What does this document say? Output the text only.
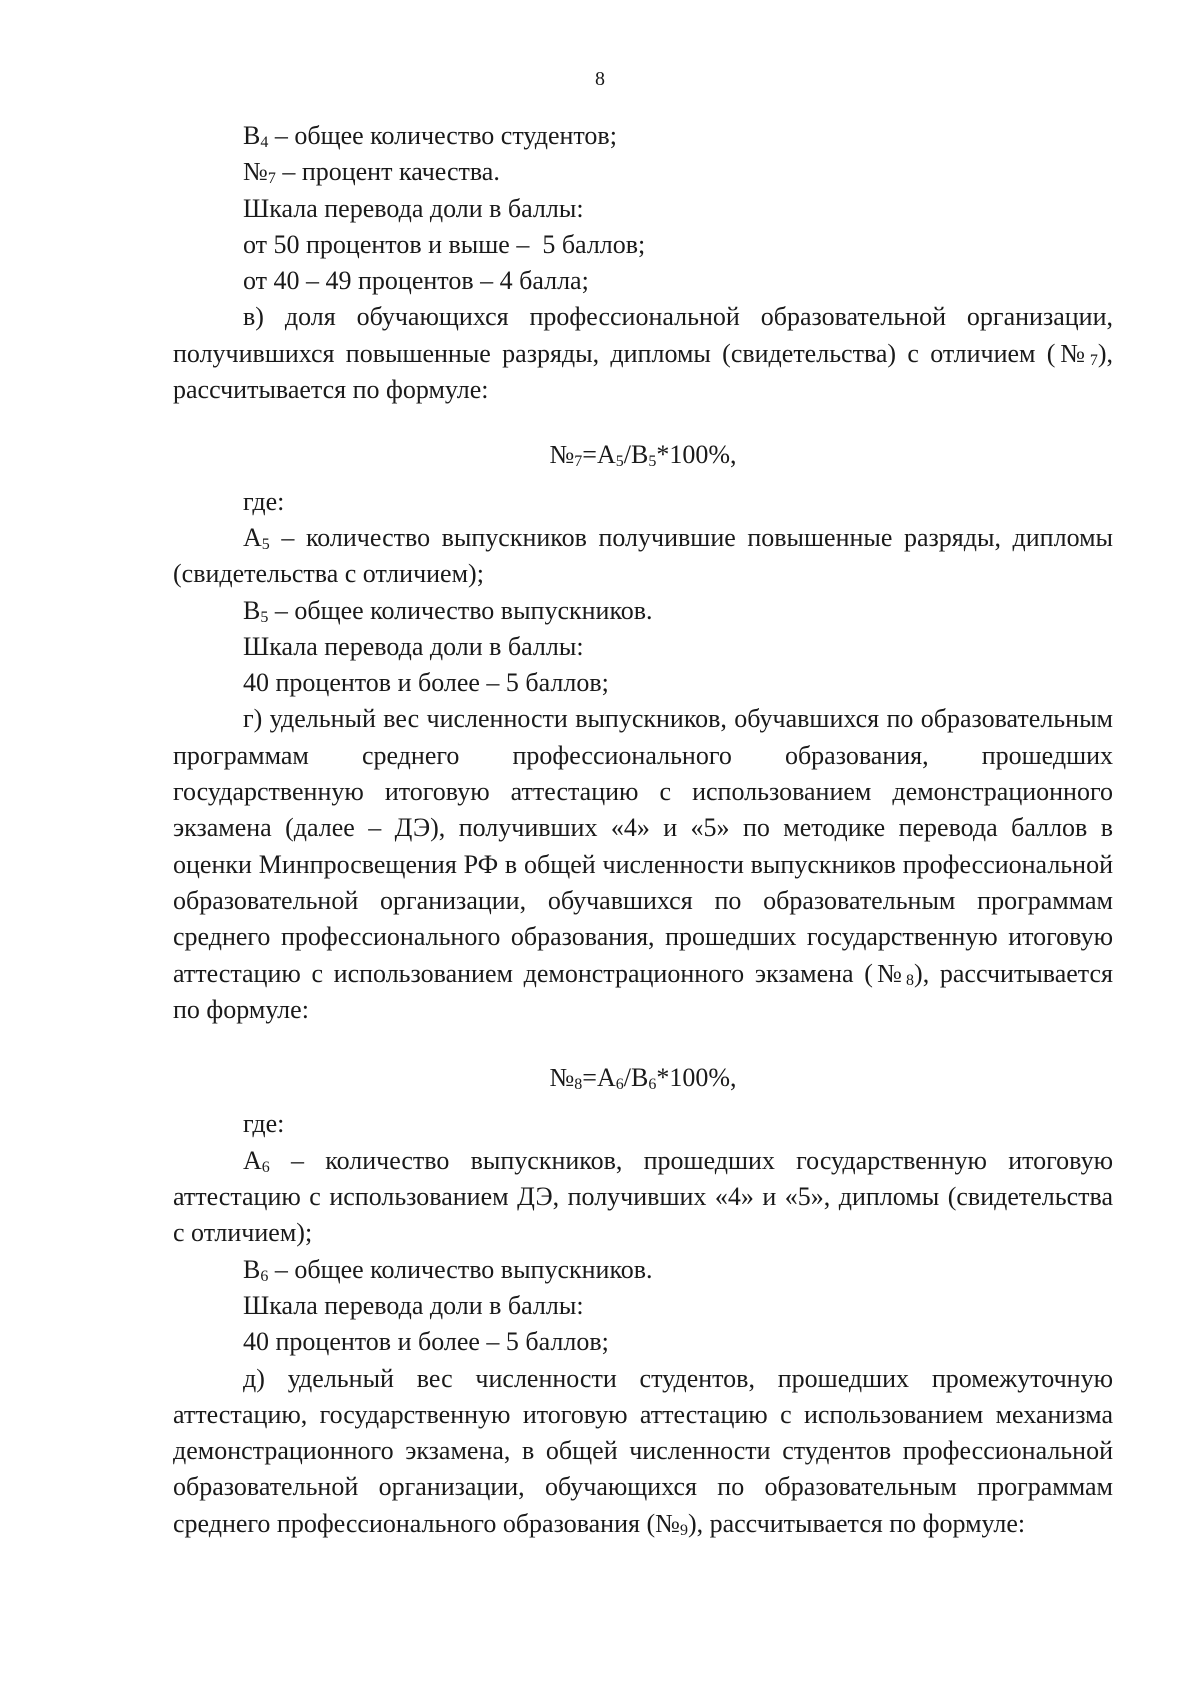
8

$В_4$ – общее количество студентов;

$№_7$ – процент качества.

Шкала перевода доли в баллы:

от 50 процентов и выше –  5 баллов;

от 40 – 49 процентов – 4 балла;

в) доля обучающихся профессиональной образовательной организации, получившихся повышенные разряды, дипломы (свидетельства) с отличием $(№_7)$, рассчитывается по формуле:

$№_7=А_5/В_5*100\%$,

где:

$А_5$ – количество выпускников получившие повышенные разряды, дипломы (свидетельства с отличием);

$В_5$ – общее количество выпускников.

Шкала перевода доли в баллы:

40 процентов и более – 5 баллов;

г) удельный вес численности выпускников, обучавшихся по образовательным программам среднего профессионального образования, прошедших государственную итоговую аттестацию с использованием демонстрационного экзамена (далее – ДЭ), получивших «4» и «5» по методике перевода баллов в оценки Минпросвещения РФ в общей численности выпускников профессиональной образовательной организации, обучавшихся по образовательным программам среднего профессионального образования, прошедших государственную итоговую аттестацию с использованием демонстрационного экзамена $(№_8)$, рассчитывается по формуле:

$№_8=А_6/В_6*100\%$,

где:

$А_6$ – количество выпускников, прошедших государственную итоговую аттестацию с использованием ДЭ, получивших «4» и «5», дипломы (свидетельства с отличием);

$В_6$ – общее количество выпускников.

Шкала перевода доли в баллы:

40 процентов и более – 5 баллов;

д) удельный вес численности студентов, прошедших промежуточную аттестацию, государственную итоговую аттестацию с использованием механизма демонстрационного экзамена, в общей численности студентов профессиональной образовательной организации, обучающихся по образовательным программам среднего профессионального образования $(№_9)$, рассчитывается по формуле:
